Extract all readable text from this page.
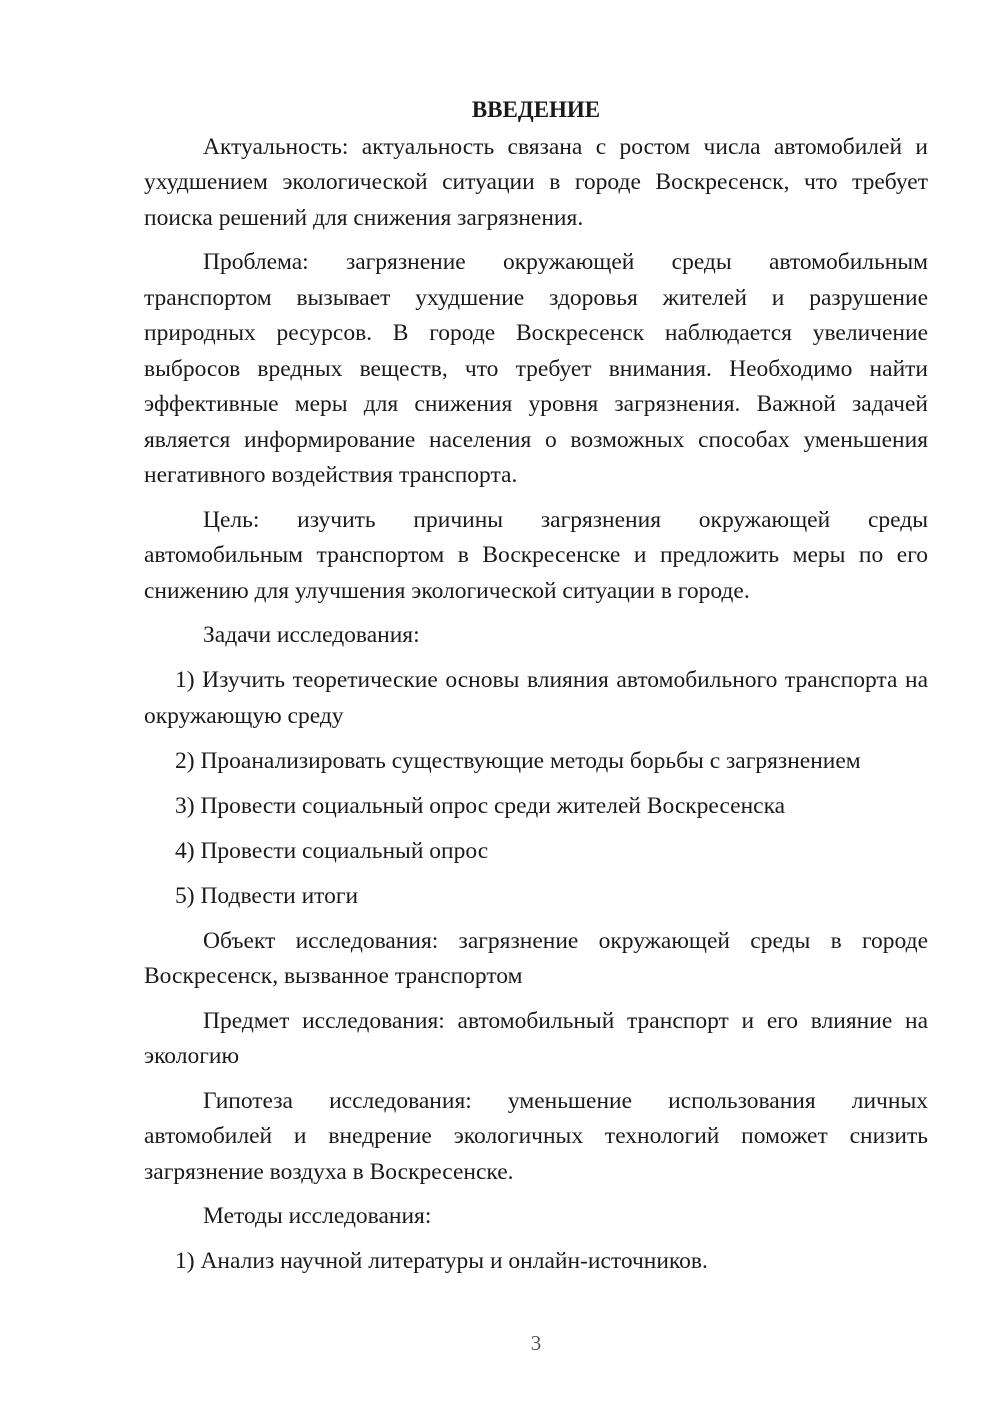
ВВЕДЕНИЕ

Актуальность: актуальность связана с ростом числа автомобилей и ухудшением экологической ситуации в городе Воскресенск, что требует поиска решений для снижения загрязнения.

Проблема: загрязнение окружающей среды автомобильным транспортом вызывает ухудшение здоровья жителей и разрушение природных ресурсов. В городе Воскресенск наблюдается увеличение выбросов вредных веществ, что требует внимания. Необходимо найти эффективные меры для снижения уровня загрязнения. Важной задачей является информирование населения о возможных способах уменьшения негативного воздействия транспорта.

Цель: изучить причины загрязнения окружающей среды автомобильным транспортом в Воскресенске и предложить меры по его снижению для улучшения экологической ситуации в городе.

Задачи исследования:

1) Изучить теоретические основы влияния автомобильного транспорта на окружающую среду

2) Проанализировать существующие методы борьбы с загрязнением

3) Провести социальный опрос среди жителей Воскресенска

4) Провести социальный опрос

5) Подвести итоги

Объект исследования: загрязнение окружающей среды в городе Воскресенск, вызванное транспортом

Предмет исследования: автомобильный транспорт и его влияние на экологию

Гипотеза исследования: уменьшение использования личных автомобилей и внедрение экологичных технологий поможет снизить загрязнение воздуха в Воскресенске.

Методы исследования:

1) Анализ научной литературы и онлайн-источников.

3
